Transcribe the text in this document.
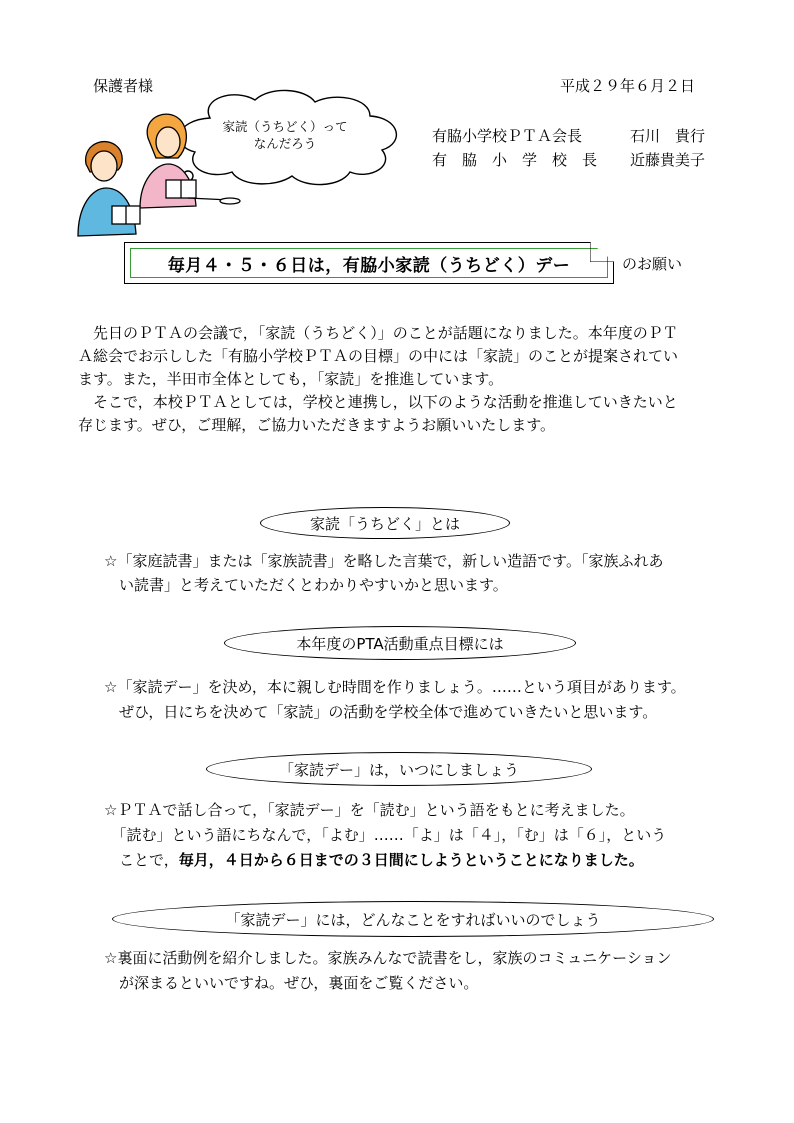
保護者様	平成２９年６月２日
有脇小学校ＰＴＡ会長	石川　貴行
有　脇　小　学　校　長 近藤貴美子
家読（うちどく）って
なんだろう
毎月４・５・６日は，有脇小家読（うちどく）デー	のお願い
　先日のＰＴＡの会議で，「家読（うちどく）」のことが話題になりました。本年度のＰＴ
Ａ総会でお示しした「有脇小学校ＰＴＡの目標」の中には「家読」のことが提案されてい
ます。また，半田市全体としても，「家読」を推進しています。
　そこで，本校ＰＴＡとしては，学校と連携し，以下のような活動を推進していきたいと
存じます。ぜひ，ご理解，ご協力いただきますようお願いいたします。
家読「うちどく」とは
☆「家庭読書」または「家族読書」を略した言葉で，新しい造語です。「家族ふれあ
　い読書」と考えていただくとわかりやすいかと思います。
本年度のPTA活動重点目標には
☆「家読デー」を決め，本に親しむ時間を作りましょう。……という項目があります。
　ぜひ，日にちを決めて「家読」の活動を学校全体で進めていきたいと思います。
「家読デー」は，いつにしましょう
☆ＰＴＡで話し合って，「家読デー」を「読む」という語をもとに考えました。
　「読む」という語にちなんで，「よむ」……「よ」は「４」，「む」は「６」，という
　ことで，毎月，４日から６日までの３日間にしようということになりました。
「家読デー」には，どんなことをすればいいのでしょう
☆裏面に活動例を紹介しました。家族みんなで読書をし，家族のコミュニケーション
　が深まるといいですね。ぜひ，裏面をご覧ください。
